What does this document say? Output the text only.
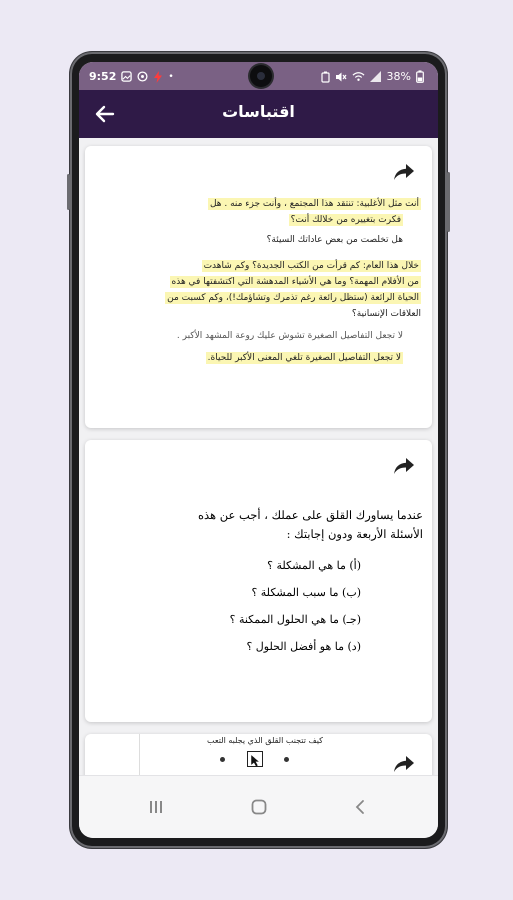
9:52	•	38%
اقتباسات
أنت مثل الأغلبية: تنتقد هذا المجتمع ، وأنت جزء منه . هل
فكرت بتغييره من خلالك أنت؟
هل تخلصت من بعض عاداتك السيئة؟
خلال هذا العام: كم قرأت من الكتب الجديدة؟ وكم شاهدت
من الأفلام المهمة؟ وما هي الأشياء المدهشة التي اكتشفتها في هذه
الحياة الرائعة (ستظل رائعة رغم تذمرك وتشاؤمك!)، وكم كسبت من
العلاقات الإنسانية؟
لا تجعل التفاصيل الصغيرة تشوش عليك روعة المشهد الأكبر .
لا تجعل التفاصيل الصغيرة تلغي المعنى الأكبر للحياة.
عندما يساورك القلق على عملك ، أجب عن هذه
الأسئلة الأربعة ودون إجابتك :
(أ) ما هي المشكلة ؟
(ب) ما سبب المشكلة ؟
(جـ) ما هي الحلول الممكنة ؟
(د) ما هو أفضل الحلول ؟
كيف تتجنب القلق الذي يجلبه التعب
